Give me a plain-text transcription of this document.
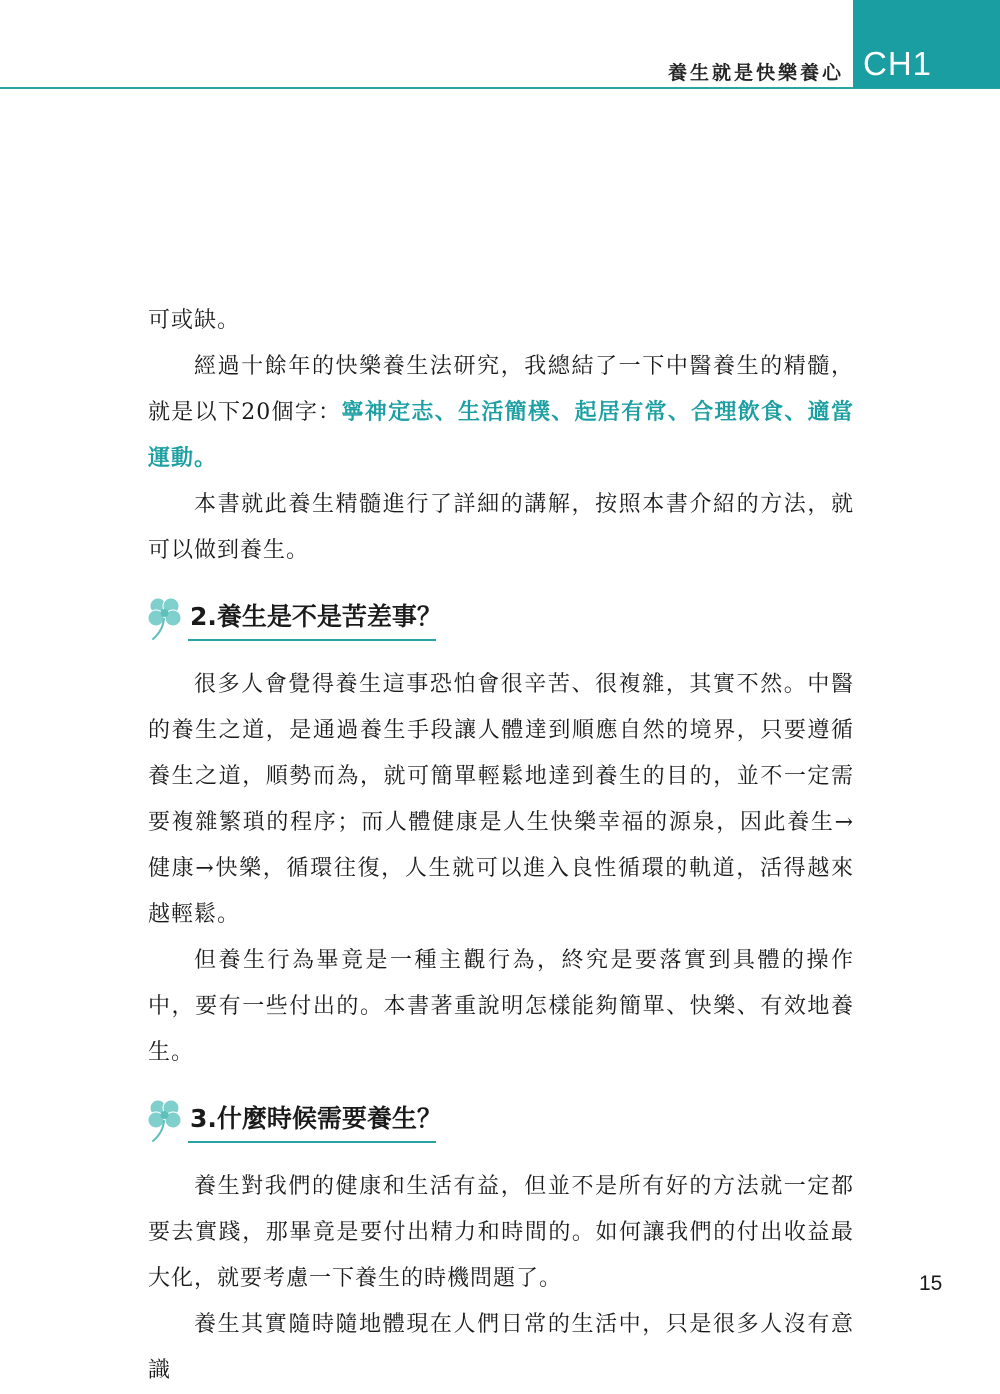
養生就是快樂養心 CH1

可或缺。

經過十餘年的快樂養生法研究，我總結了一下中醫養生的精髓，就是以下20個字：寧神定志、生活簡樸、起居有常、合理飲食、適當運動。

本書就此養生精髓進行了詳細的講解，按照本書介紹的方法，就可以做到養生。

2.養生是不是苦差事？

很多人會覺得養生這事恐怕會很辛苦、很複雜，其實不然。中醫的養生之道，是通過養生手段讓人體達到順應自然的境界，只要遵循養生之道，順勢而為，就可簡單輕鬆地達到養生的目的，並不一定需要複雜繁瑣的程序；而人體健康是人生快樂幸福的源泉，因此養生→健康→快樂，循環往復，人生就可以進入良性循環的軌道，活得越來越輕鬆。

但養生行為畢竟是一種主觀行為，終究是要落實到具體的操作中，要有一些付出的。本書著重說明怎樣能夠簡單、快樂、有效地養生。

3.什麼時候需要養生？

養生對我們的健康和生活有益，但並不是所有好的方法就一定都要去實踐，那畢竟是要付出精力和時間的。如何讓我們的付出收益最大化，就要考慮一下養生的時機問題了。

養生其實隨時隨地體現在人們日常的生活中，只是很多人沒有意識

15
